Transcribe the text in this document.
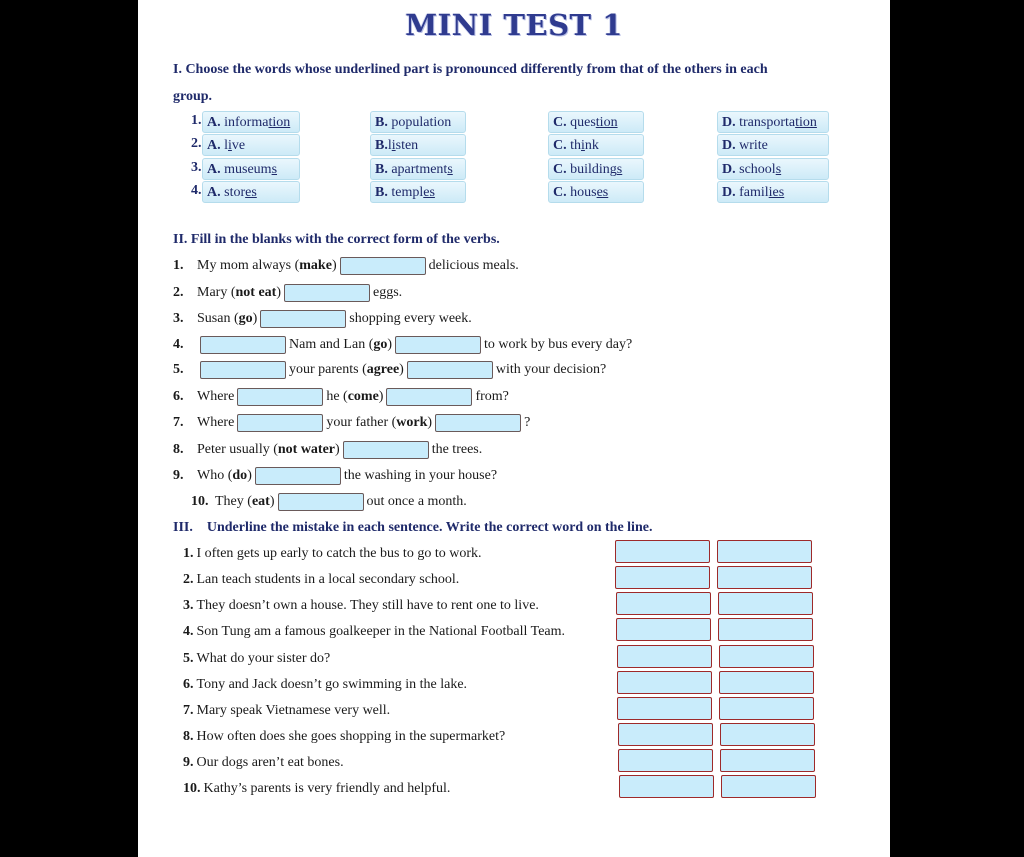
MINI TEST 1
I. Choose the words whose underlined part is pronounced differently from that of the others in each
group.
1. A. information	B. population	C. question	D. transportation
2. A. live	B.listen	C. think	D. write
3. A. museums	B. apartments	C. buildings	D. schools
4. A. stores	B. temples	C. houses	D. families
II. Fill in the blanks with the correct form of the verbs.
1. My mom always (make)	delicious meals.
2. Mary (not eat)	eggs.
3. Susan (go)	shopping every week.
4.	Nam and Lan (go)	to work by bus every day?
5.	your parents (agree)	with your decision?
6. Where	he (come)	from?
7. Where	your father (work)	?
8. Peter usually (not water)	the trees.
9. Who (do)	the washing in your house?
10. They (eat)	out once a month.
III.    Underline the mistake in each sentence. Write the correct word on the line.
1. I often gets up early to catch the bus to go to work.
2. Lan teach students in a local secondary school.
3. They doesn’t own a house. They still have to rent one to live.
4. Son Tung am a famous goalkeeper in the National Football Team.
5. What do your sister do?
6. Tony and Jack doesn’t go swimming in the lake.
7. Mary speak Vietnamese very well.
8. How often does she goes shopping in the supermarket?
9. Our dogs aren’t eat bones.
10. Kathy’s parents is very friendly and helpful.
